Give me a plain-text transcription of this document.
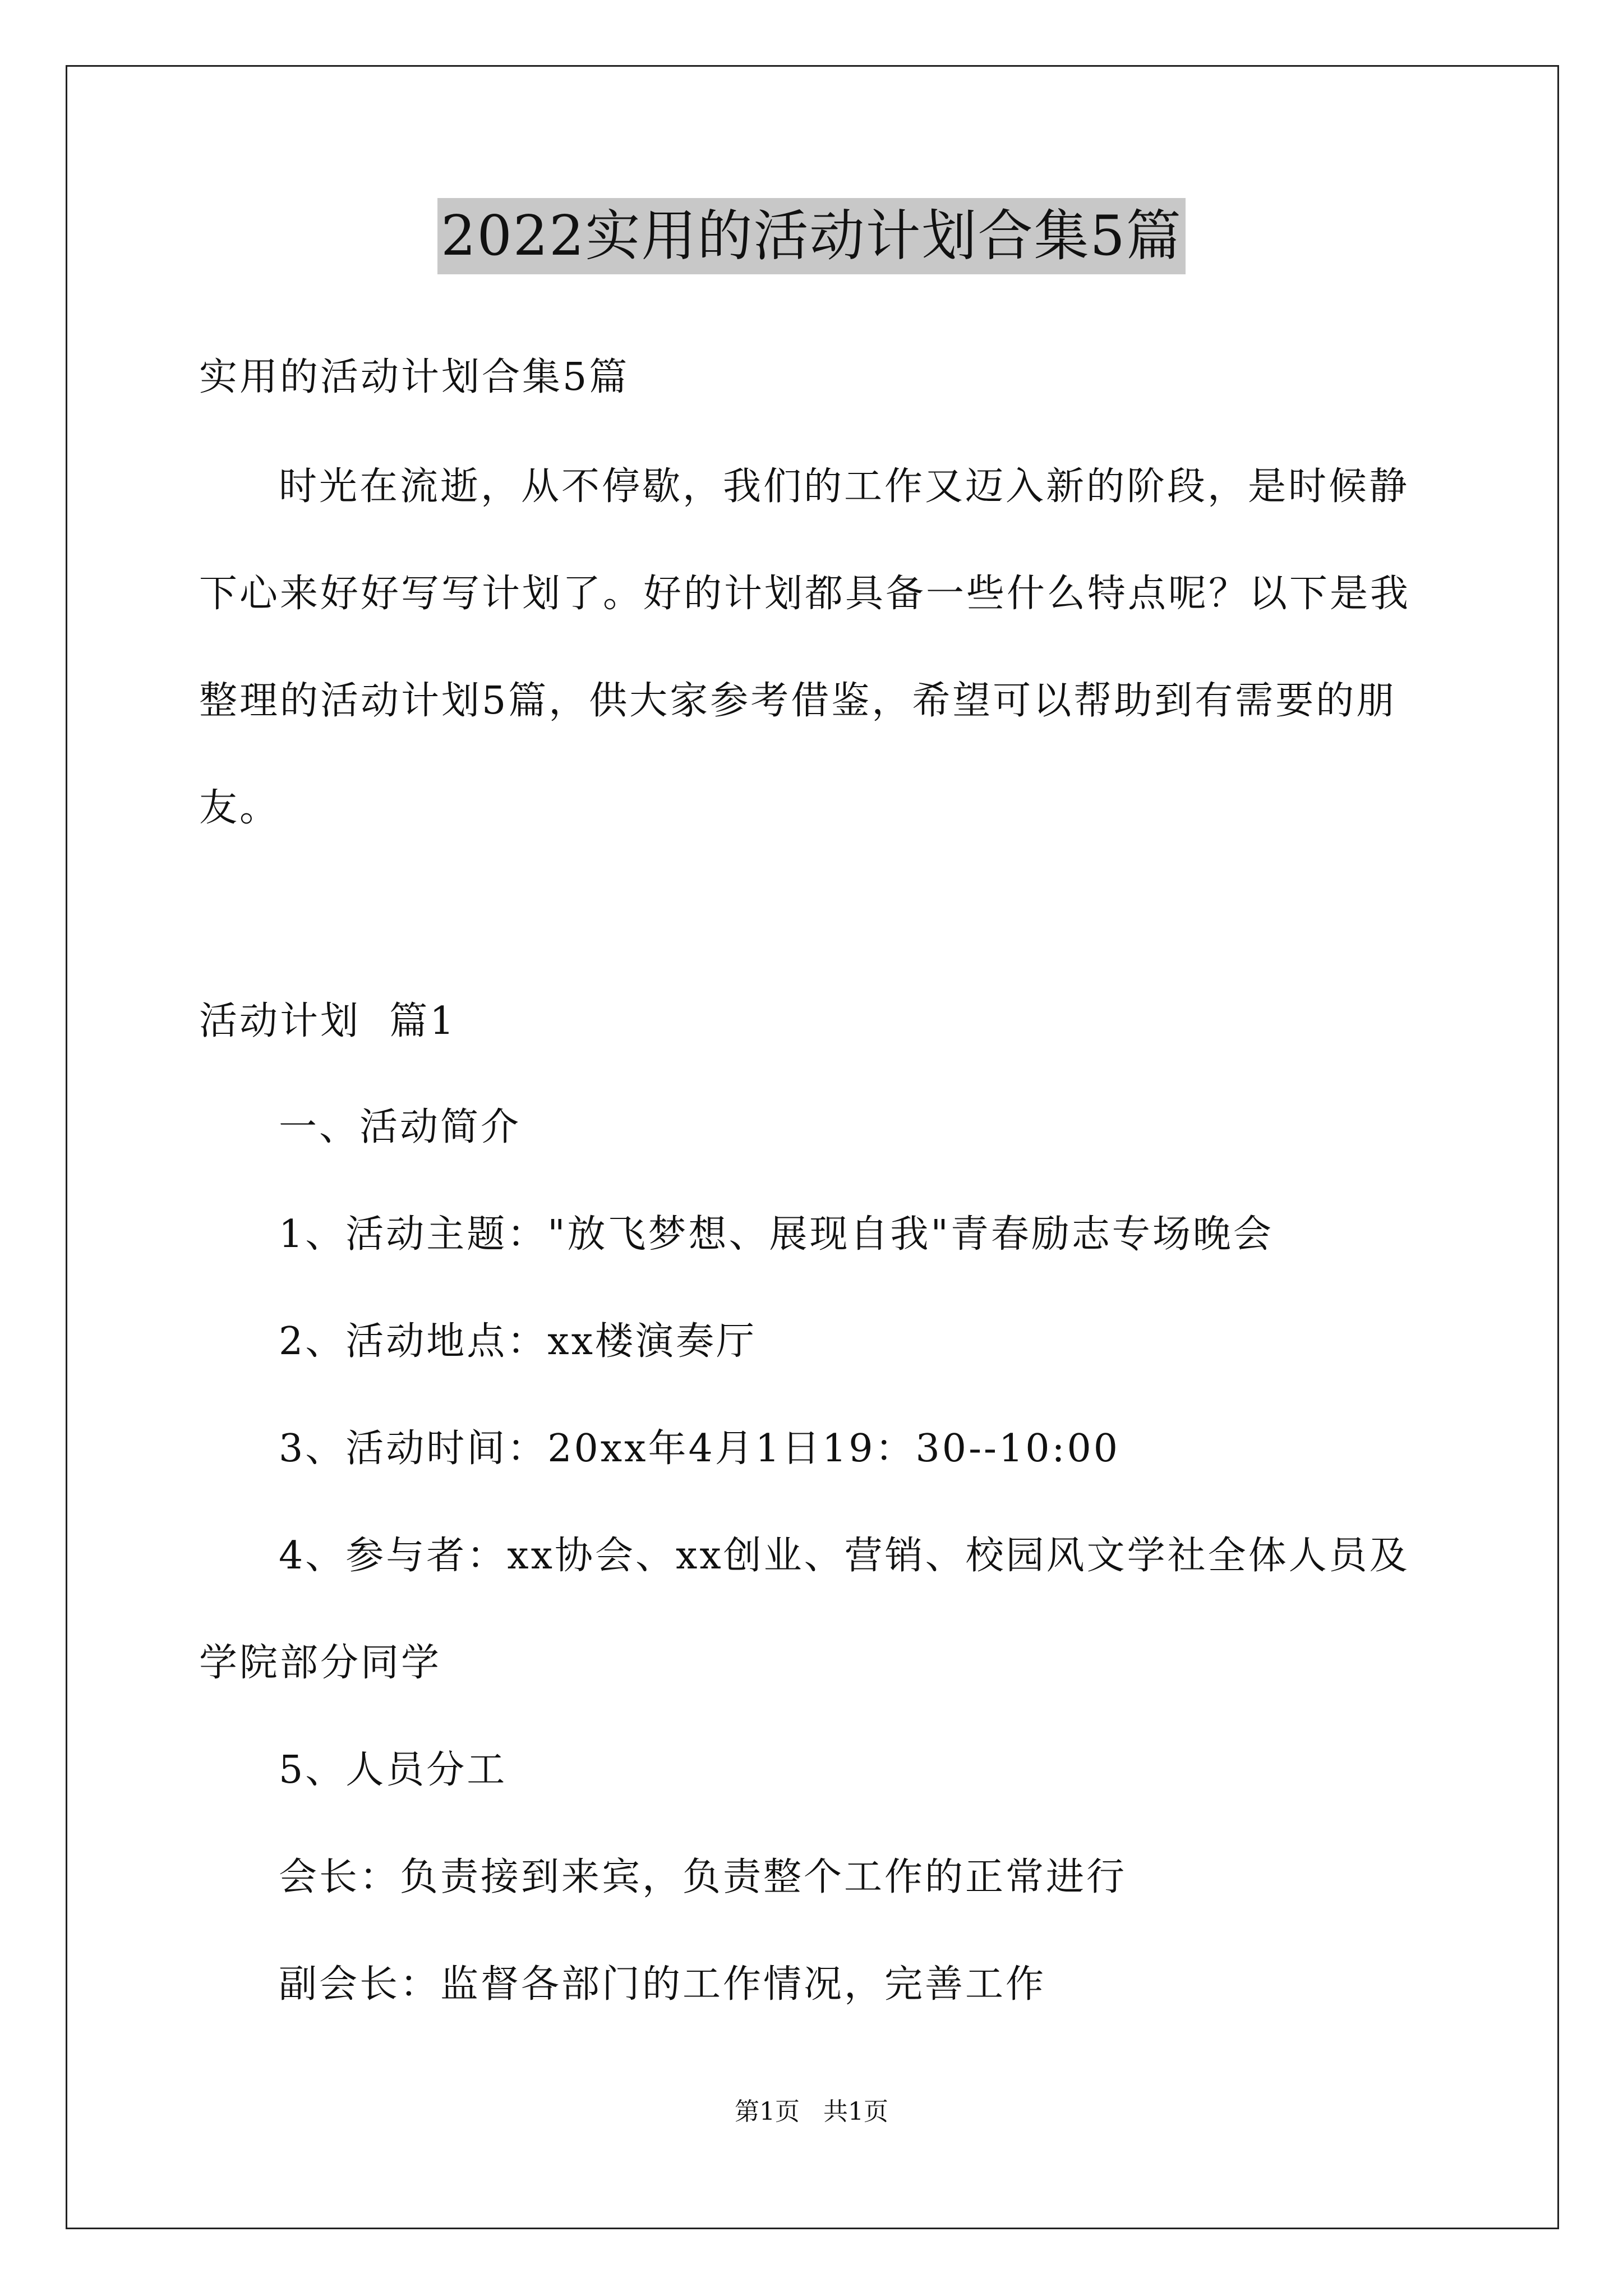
2022实用的活动计划合集5篇
实用的活动计划合集5篇
时光在流逝，从不停歇，我们的工作又迈入新的阶段，是时候静
下心来好好写写计划了。好的计划都具备一些什么特点呢？以下是我
整理的活动计划5篇，供大家参考借鉴，希望可以帮助到有需要的朋
友。
活动计划  篇1
一、活动简介
1、活动主题："放飞梦想、展现自我"青春励志专场晚会
2、活动地点：xx楼演奏厅
3、活动时间：20xx年4月1日19：30--10:00
4、参与者：xx协会、xx创业、营销、校园风文学社全体人员及
学院部分同学
5、人员分工
会长：负责接到来宾，负责整个工作的正常进行
副会长：监督各部门的工作情况，完善工作
第1页 共1页
